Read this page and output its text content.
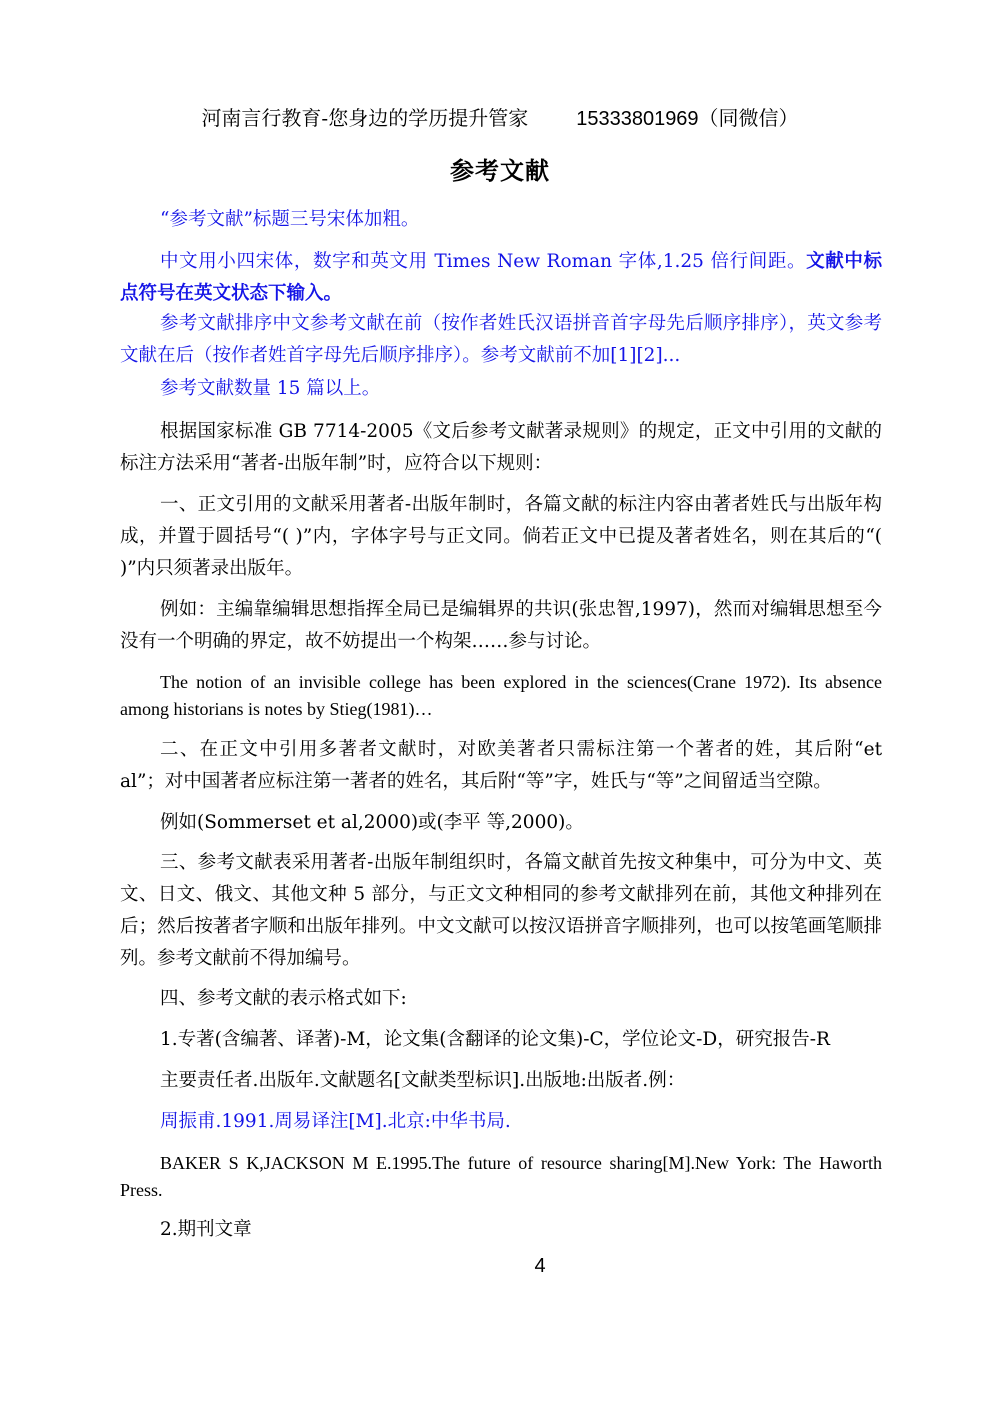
河南言行教育-您身边的学历提升管家 15333801969（同微信）
参考文献
“参考文献”标题三号宋体加粗。
中文用小四宋体，数字和英文用 Times New Roman 字体,1.25 倍行间距。文献中标点符号在英文状态下输入。
参考文献排序中文参考文献在前（按作者姓氏汉语拼音首字母先后顺序排序），英文参考文献在后（按作者姓首字母先后顺序排序）。参考文献前不加[1][2]...
参考文献数量 15 篇以上。
根据国家标准 GB 7714-2005《文后参考文献著录规则》的规定，正文中引用的文献的标注方法采用“著者-出版年制”时，应符合以下规则：
一、正文引用的文献采用著者-出版年制时，各篇文献的标注内容由著者姓氏与出版年构成，并置于圆括号“( )”内，字体字号与正文同。倘若正文中已提及著者姓名，则在其后的“( )”内只须著录出版年。
例如：主编靠编辑思想指挥全局已是编辑界的共识(张忠智,1997)，然而对编辑思想至今没有一个明确的界定，故不妨提出一个构架……参与讨论。
The notion of an invisible college has been explored in the sciences(Crane 1972). Its absence among historians is notes by Stieg(1981)…
二、在正文中引用多著者文献时，对欧美著者只需标注第一个著者的姓，其后附“et al”；对中国著者应标注第一著者的姓名，其后附“等”字，姓氏与“等”之间留适当空隙。
例如(Sommerset et al,2000)或(李平 等,2000)。
三、参考文献表采用著者-出版年制组织时，各篇文献首先按文种集中，可分为中文、英文、日文、俄文、其他文种 5 部分，与正文文种相同的参考文献排列在前，其他文种排列在后；然后按著者字顺和出版年排列。中文文献可以按汉语拼音字顺排列，也可以按笔画笔顺排列。参考文献前不得加编号。
四、参考文献的表示格式如下:
1.专著(含编著、译著)-M，论文集(含翻译的论文集)-C，学位论文-D，研究报告-R
主要责任者.出版年.文献题名[文献类型标识].出版地:出版者.例：
周振甫.1991.周易译注[M].北京:中华书局.
BAKER S K,JACKSON M E.1995.The future of resource sharing[M].New York: The Haworth Press.
2.期刊文章
4
